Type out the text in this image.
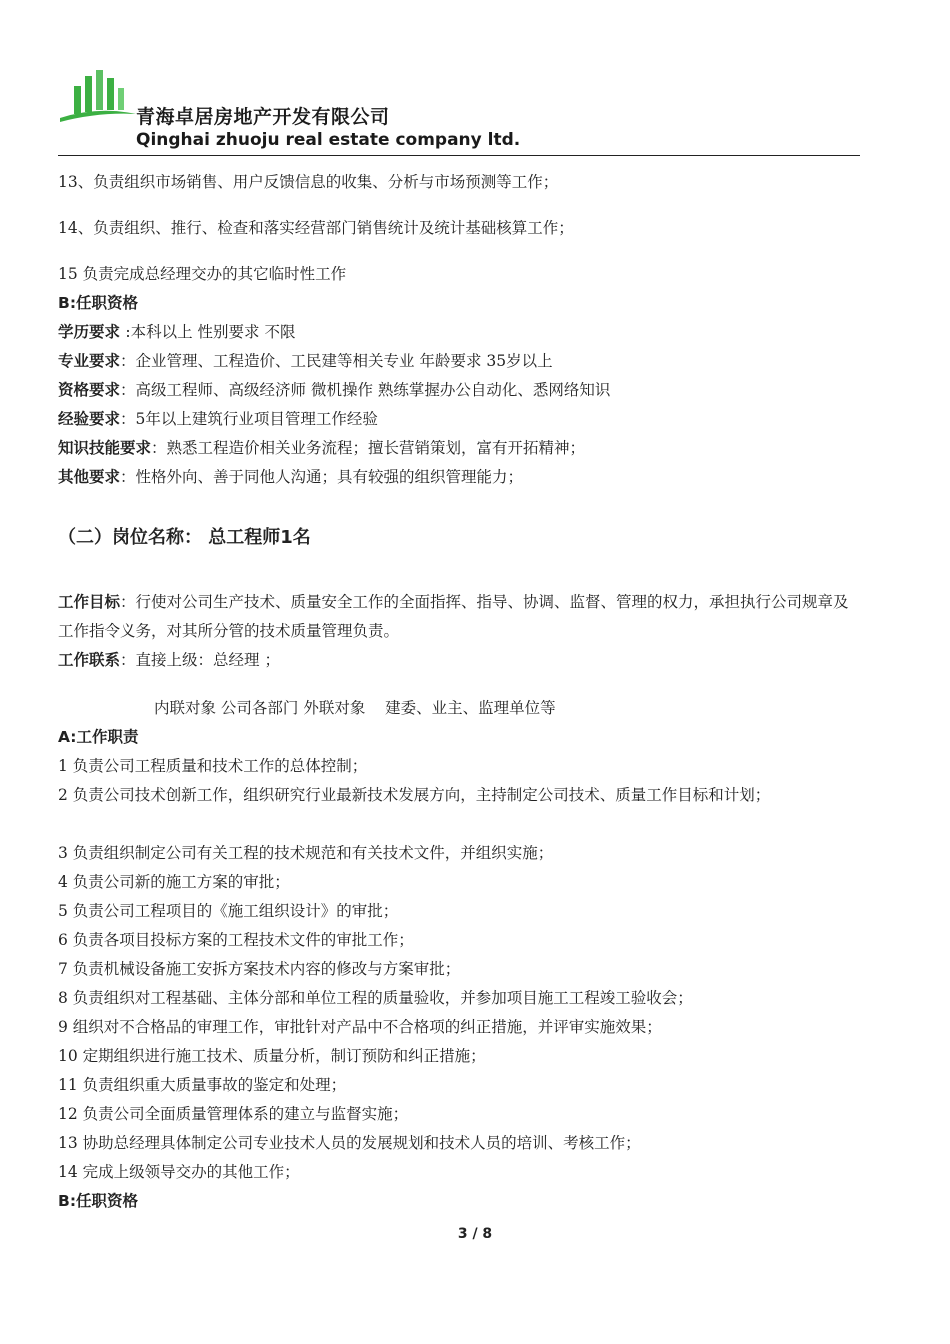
青海卓居房地产开发有限公司
Qinghai zhuoju real estate company ltd.
13、负责组织市场销售、用户反馈信息的收集、分析与市场预测等工作；
14、负责组织、推行、检查和落实经营部门销售统计及统计基础核算工作；
15 负责完成总经理交办的其它临时性工作
B:任职资格
学历要求 :本科以上 性别要求 不限
专业要求：企业管理、工程造价、工民建等相关专业 年龄要求 35岁以上
资格要求：高级工程师、高级经济师 微机操作 熟练掌握办公自动化、悉网络知识
经验要求：5年以上建筑行业项目管理工作经验
知识技能要求：熟悉工程造价相关业务流程；擅长营销策划，富有开拓精神；
其他要求：性格外向、善于同他人沟通；具有较强的组织管理能力；
（二）岗位名称： 总工程师1名
工作目标：行使对公司生产技术、质量安全工作的全面指挥、指导、协调、监督、管理的权力，承担执行公司规章及工作指令义务，对其所分管的技术质量管理负责。
工作联系：直接上级：总经理 ；
内联对象 公司各部门 外联对象    建委、业主、监理单位等
A:工作职责
1 负责公司工程质量和技术工作的总体控制；
2 负责公司技术创新工作，组织研究行业最新技术发展方向，主持制定公司技术、质量工作目标和计划；
3 负责组织制定公司有关工程的技术规范和有关技术文件，并组织实施；
4 负责公司新的施工方案的审批；
5 负责公司工程项目的《施工组织设计》的审批；
6 负责各项目投标方案的工程技术文件的审批工作；
7 负责机械设备施工安拆方案技术内容的修改与方案审批；
8 负责组织对工程基础、主体分部和单位工程的质量验收，并参加项目施工工程竣工验收会；
9 组织对不合格品的审理工作，审批针对产品中不合格项的纠正措施，并评审实施效果；
10 定期组织进行施工技术、质量分析，制订预防和纠正措施；
11 负责组织重大质量事故的鉴定和处理；
12 负责公司全面质量管理体系的建立与监督实施；
13 协助总经理具体制定公司专业技术人员的发展规划和技术人员的培训、考核工作；
14 完成上级领导交办的其他工作；
B:任职资格
3 / 8
